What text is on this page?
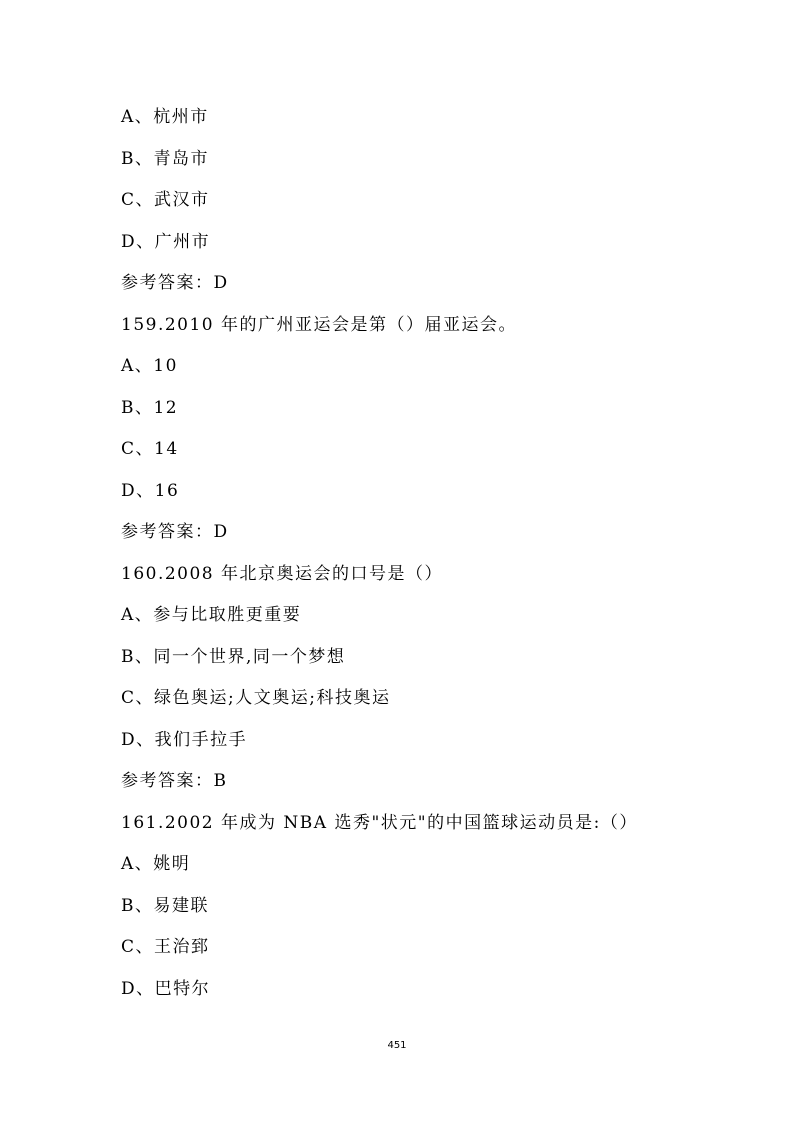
A、杭州市
B、青岛市
C、武汉市
D、广州市
参考答案：D
159.2010 年的广州亚运会是第（）届亚运会。
A、10
B、12
C、14
D、16
参考答案：D
160.2008 年北京奥运会的口号是（）
A、参与比取胜更重要
B、同一个世界,同一个梦想
C、绿色奥运;人文奥运;科技奥运
D、我们手拉手
参考答案：B
161.2002 年成为 NBA 选秀"状元"的中国篮球运动员是:（）
A、姚明
B、易建联
C、王治郅
D、巴特尔
451
